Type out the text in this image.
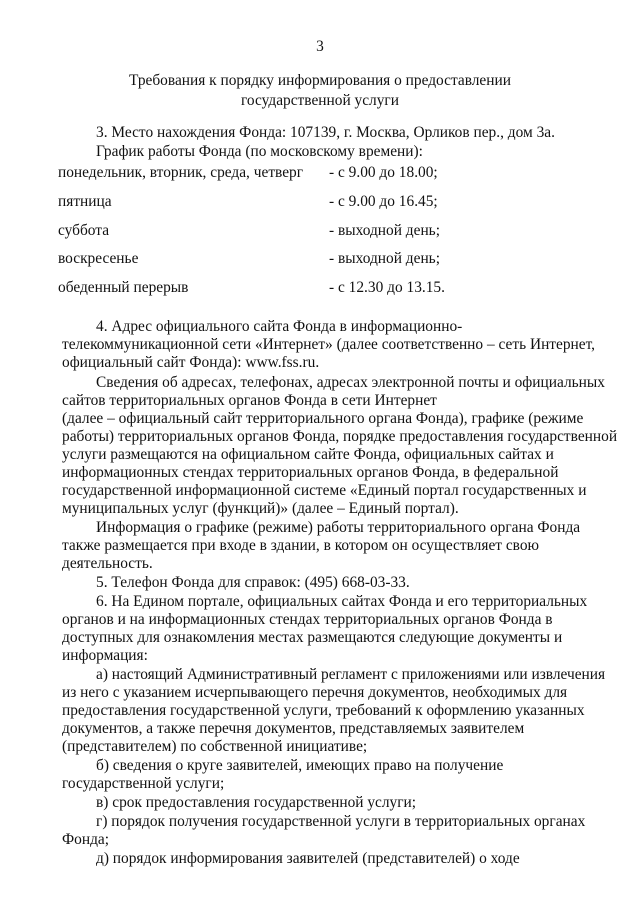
3
Требования к порядку информирования о предоставлении
государственной услуги
3. Место нахождения Фонда: 107139, г. Москва, Орликов пер., дом 3а.
График работы Фонда (по московскому времени):
понедельник, вторник, среда, четверг - с 9.00 до 18.00;
пятница	- с 9.00 до 16.45;
суббота	- выходной день;
воскресенье	- выходной день;
обеденный перерыв	- с 12.30 до 13.15.
4. Адрес официального сайта Фонда в информационно-
телекоммуникационной сети «Интернет» (далее соответственно – сеть Интернет,
официальный сайт Фонда): www.fss.ru.
Сведения об адресах, телефонах, адресах электронной почты и официальных
сайтов территориальных органов Фонда в сети Интернет
(далее – официальный сайт территориального органа Фонда), графике (режиме
работы) территориальных органов Фонда, порядке предоставления государственной
услуги размещаются на официальном сайте Фонда, официальных сайтах и
информационных стендах территориальных органов Фонда, в федеральной
государственной информационной системе «Единый портал государственных и
муниципальных услуг (функций)» (далее – Единый портал).
Информация о графике (режиме) работы территориального органа Фонда
также размещается при входе в здании, в котором он осуществляет свою
деятельность.
5. Телефон Фонда для справок: (495) 668-03-33.
6. На Едином портале, официальных сайтах Фонда и его территориальных
органов и на информационных стендах территориальных органов Фонда в
доступных для ознакомления местах размещаются следующие документы и
информация:
а) настоящий Административный регламент с приложениями или извлечения
из него с указанием исчерпывающего перечня документов, необходимых для
предоставления государственной услуги, требований к оформлению указанных
документов, а также перечня документов, представляемых заявителем
(представителем) по собственной инициативе;
б) сведения о круге заявителей, имеющих право на получение
государственной услуги;
в) срок предоставления государственной услуги;
г) порядок получения государственной услуги в территориальных органах
Фонда;
д) порядок информирования заявителей (представителей) о ходе
